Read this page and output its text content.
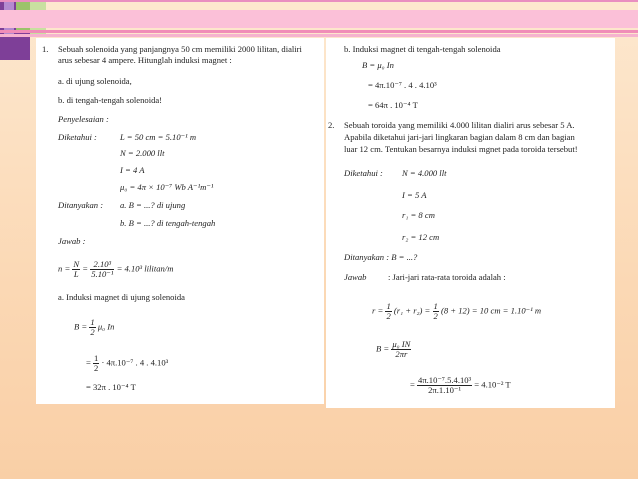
1. Sebuah solenoida yang panjangnya 50 cm memiliki 2000 lilitan, dialiri
arus sebesar 4 ampere. Hitunglah induksi magnet :
a. di ujung solenoida,
b. di tengah-tengah solenoida!
Penyelesaian :
Diketahui :	L = 50 cm = 5.10⁻¹ m
N = 2.000 llt
I = 4 A
μ₀ = 4π × 10⁻⁷ Wb A⁻¹m⁻¹
Ditanyakan : a. B = ...? di ujung
b. B = ...? di tengah-tengah
Jawab :
$n = \frac{N}{L} = \frac{\text{2.10³}}{\text{5.10⁻¹}} = 4.10^3$ lilitan/m
a. Induksi magnet di ujung solenoida
$B = \frac{1}{2} \mu_0$ In
= $\frac{1}{2} \cdot 4\pi.10^{-7}$ . 4 . 4.10³
= 32π . 10⁻⁴ T
b. Induksi magnet di tengah-tengah solenoida
B = μ₀ In
= 4π.10⁻⁷ . 4 . 4.10³
= 64π . 10⁻⁴ T
2. Sebuah toroida yang memiliki 4.000 lilitan dialiri arus sebesar 5 A.
Apabila diketahui jari-jari lingkaran bagian dalam 8 cm dan bagian
luar 12 cm. Tentukan besarnya induksi mgnet pada toroida tersebut!
Diketahui : N = 4.000 llt
I = 5 A
r₁ = 8 cm
r₂ = 12 cm
Ditanyakan : B = ...?
Jawab	: Jari-jari rata-rata toroida adalah :
$r = \frac{1}{2} (r_1 + r_2) = \frac{1}{2} (8 + 12) = 10$ cm = 1.10⁻¹ m
$B = \frac{\text{μ₀ IN}}{2\pi r}$
= $\frac{\text{4π.10⁻⁷.5.4.10³}}{\text{2π.1.10⁻¹}} = 4.10^{-2}$ T
